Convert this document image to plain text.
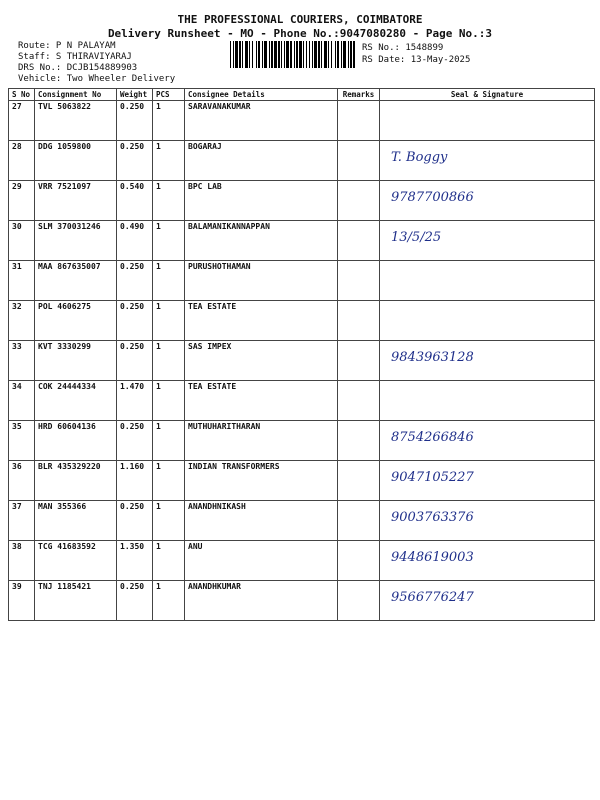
THE PROFESSIONAL COURIERS, COIMBATORE
Delivery Runsheet - MO - Phone No.:9047080280 - Page No.:3
Route: P N PALAYAM
Staff: S THIRAVIYARAJ
DRS No.: DCJB154889903
Vehicle: Two Wheeler Delivery
RS No.: 1548899
RS Date: 13-May-2025
S No	Consignment No	Weight	PCS	Consignee Details	Remarks	Seal & Signature
27	TVL 5063822	0.250	1	SARAVANAKUMAR		

28	DDG 1059800	0.250	1	BOGARAJ		T. Boggy

29	VRR 7521097	0.540	1	BPC LAB		9787700866

30	SLM 370031246	0.490	1	BALAMANIKANNAPPAN		13/5/25

31	MAA 867635007	0.250	1	PURUSHOTHAMAN		

32	POL 4606275	0.250	1	TEA ESTATE		

33	KVT 3330299	0.250	1	SAS IMPEX		9843963128

34	COK 24444334	1.470	1	TEA ESTATE		

35	HRD 60604136	0.250	1	MUTHUHARITHARAN		8754266846

36	BLR 435329220	1.160	1	INDIAN TRANSFORMERS		9047105227

37	MAN 355366	0.250	1	ANANDHNIKASH		9003763376

38	TCG 41683592	1.350	1	ANU		9448619003

39	TNJ 1185421	0.250	1	ANANDHKUMAR		9566776247
